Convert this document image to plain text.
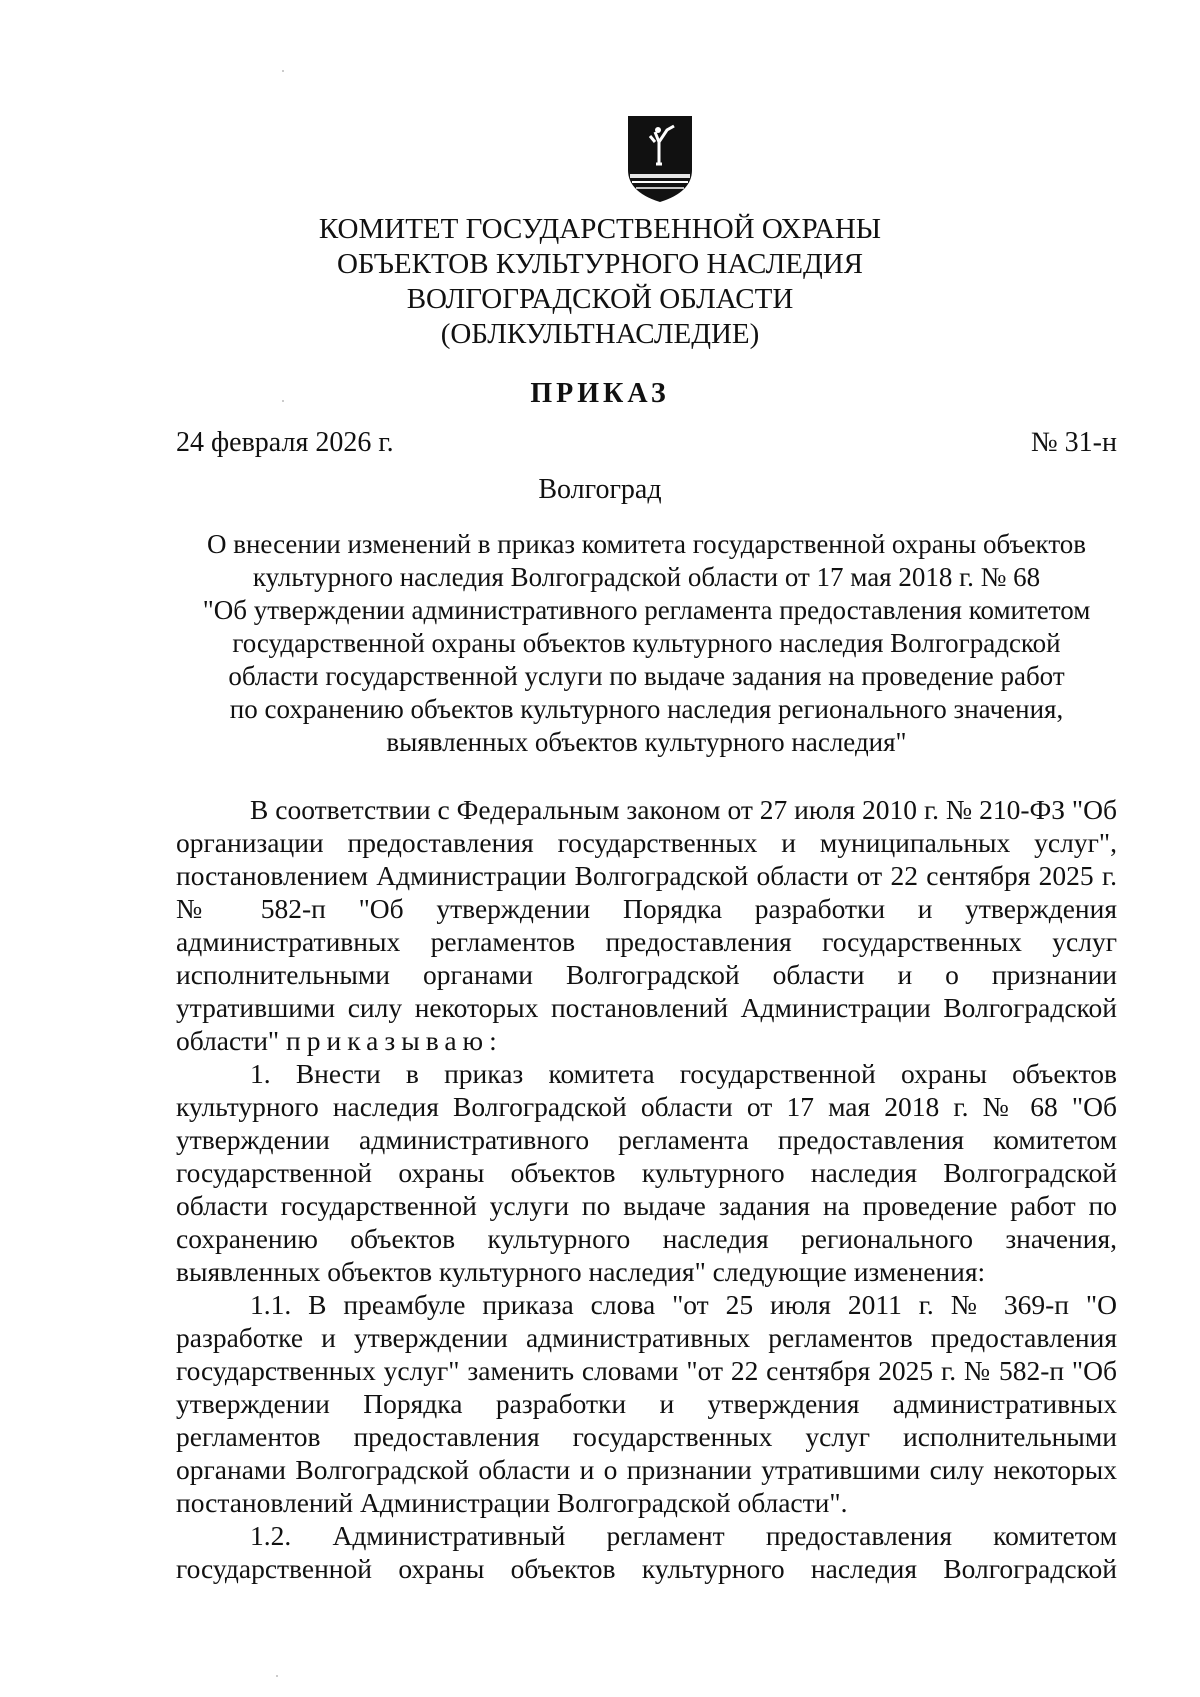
КОМИТЕТ ГОСУДАРСТВЕННОЙ ОХРАНЫ
ОБЪЕКТОВ КУЛЬТУРНОГО НАСЛЕДИЯ
ВОЛГОГРАДСКОЙ ОБЛАСТИ
(ОБЛКУЛЬТНАСЛЕДИЕ)
ПРИКАЗ
24 февраля 2026 г.	№ 31-н
Волгоград
О внесении изменений в приказ комитета государственной охраны объектов
культурного наследия Волгоградской области от 17 мая 2018 г. № 68
"Об утверждении административного регламента предоставления комитетом
государственной охраны объектов культурного наследия Волгоградской
области государственной услуги по выдаче задания на проведение работ
по сохранению объектов культурного наследия регионального значения,
выявленных объектов культурного наследия"

В соответствии с Федеральным законом от 27 июля 2010 г. № 210-ФЗ "Об организации предоставления государственных и муниципальных услуг", постановлением Администрации Волгоградской области от 22 сентября 2025 г. № 582-п "Об утверждении Порядка разработки и утверждения административных регламентов предоставления государственных услуг исполнительными органами Волгоградской области и о признании утратившими силу некоторых постановлений Администрации Волгоградской области" приказываю:

1. Внести в приказ комитета государственной охраны объектов культурного наследия Волгоградской области от 17 мая 2018 г. № 68 "Об утверждении административного регламента предоставления комитетом государственной охраны объектов культурного наследия Волгоградской области государственной услуги по выдаче задания на проведение работ по сохранению объектов культурного наследия регионального значения, выявленных объектов культурного наследия" следующие изменения:

1.1. В преамбуле приказа слова "от 25 июля 2011 г. № 369-п "О разработке и утверждении административных регламентов предоставления государственных услуг" заменить словами "от 22 сентября 2025 г. № 582-п "Об утверждении Порядка разработки и утверждения административных регламентов предоставления государственных услуг исполнительными органами Волгоградской области и о признании утратившими силу некоторых постановлений Администрации Волгоградской области".

1.2. Административный регламент предоставления комитетом государственной охраны объектов культурного наследия Волгоградской
